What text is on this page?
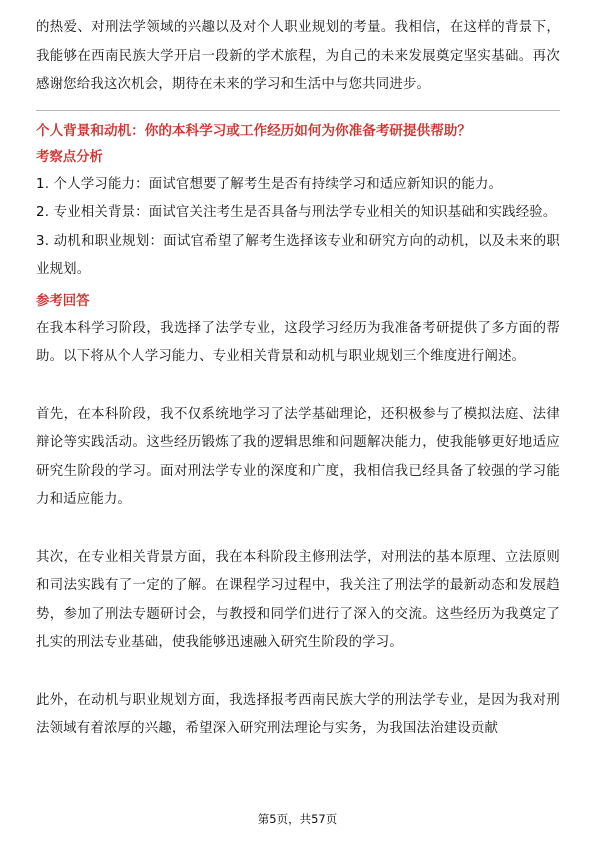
的热爱、对刑法学领域的兴趣以及对个人职业规划的考量。我相信，在这样的背景下，我能够在西南民族大学开启一段新的学术旅程，为自己的未来发展奠定坚实基础。再次感谢您给我这次机会，期待在未来的学习和生活中与您共同进步。

个人背景和动机：你的本科学习或工作经历如何为你准备考研提供帮助？

考察点分析

1. 个人学习能力：面试官想要了解考生是否有持续学习和适应新知识的能力。

2. 专业相关背景：面试官关注考生是否具备与刑法学专业相关的知识基础和实践经验。

3. 动机和职业规划：面试官希望了解考生选择该专业和研究方向的动机，以及未来的职业规划。

参考回答

在我本科学习阶段，我选择了法学专业，这段学习经历为我准备考研提供了多方面的帮助。以下将从个人学习能力、专业相关背景和动机与职业规划三个维度进行阐述。

首先，在本科阶段，我不仅系统地学习了法学基础理论，还积极参与了模拟法庭、法律辩论等实践活动。这些经历锻炼了我的逻辑思维和问题解决能力，使我能够更好地适应研究生阶段的学习。面对刑法学专业的深度和广度，我相信我已经具备了较强的学习能力和适应能力。

其次，在专业相关背景方面，我在本科阶段主修刑法学，对刑法的基本原理、立法原则和司法实践有了一定的了解。在课程学习过程中，我关注了刑法学的最新动态和发展趋势，参加了刑法专题研讨会，与教授和同学们进行了深入的交流。这些经历为我奠定了扎实的刑法专业基础，使我能够迅速融入研究生阶段的学习。

此外，在动机与职业规划方面，我选择报考西南民族大学的刑法学专业，是因为我对刑法领域有着浓厚的兴趣，希望深入研究刑法理论与实务，为我国法治建设贡献

第5页，共57页
